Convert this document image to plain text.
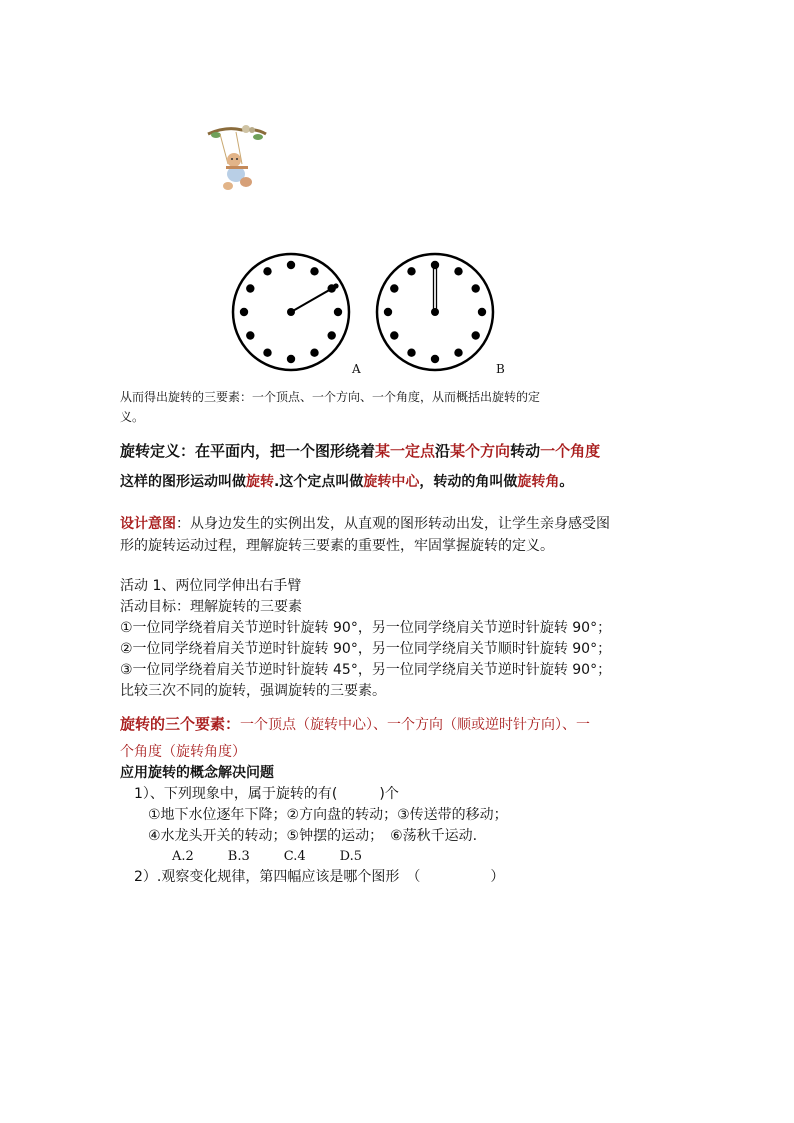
A	B
从而得出旋转的三要素：一个顶点、一个方向、一个角度，从而概括出旋转的定
义。
旋转定义：在平面内，把一个图形绕着某一定点沿某个方向转动一个角度
这样的图形运动叫做旋转.这个定点叫做旋转中心，转动的角叫做旋转角。
设计意图：从身边发生的实例出发，从直观的图形转动出发，让学生亲身感受图
形的旋转运动过程，理解旋转三要素的重要性，牢固掌握旋转的定义。
活动 1、两位同学伸出右手臂
活动目标：理解旋转的三要素
①一位同学绕着肩关节逆时针旋转 90°，另一位同学绕肩关节逆时针旋转 90°；
②一位同学绕着肩关节逆时针旋转 90°，另一位同学绕肩关节顺时针旋转 90°；
③一位同学绕着肩关节逆时针旋转 45°，另一位同学绕肩关节逆时针旋转 90°；
比较三次不同的旋转，强调旋转的三要素。
旋转的三个要素：一个顶点（旋转中心）、一个方向（顺或逆时针方向）、一
个角度（旋转角度）
应用旋转的概念解决问题
1）、下列现象中，属于旋转的有(　　　)个
①地下水位逐年下降；②方向盘的转动；③传送带的移动；
④水龙头开关的转动；⑤钟摆的运动；　⑥荡秋千运动.
A.2	B.3	C.4	D.5
2）.观察变化规律，第四幅应该是哪个图形　（　　　　　）
